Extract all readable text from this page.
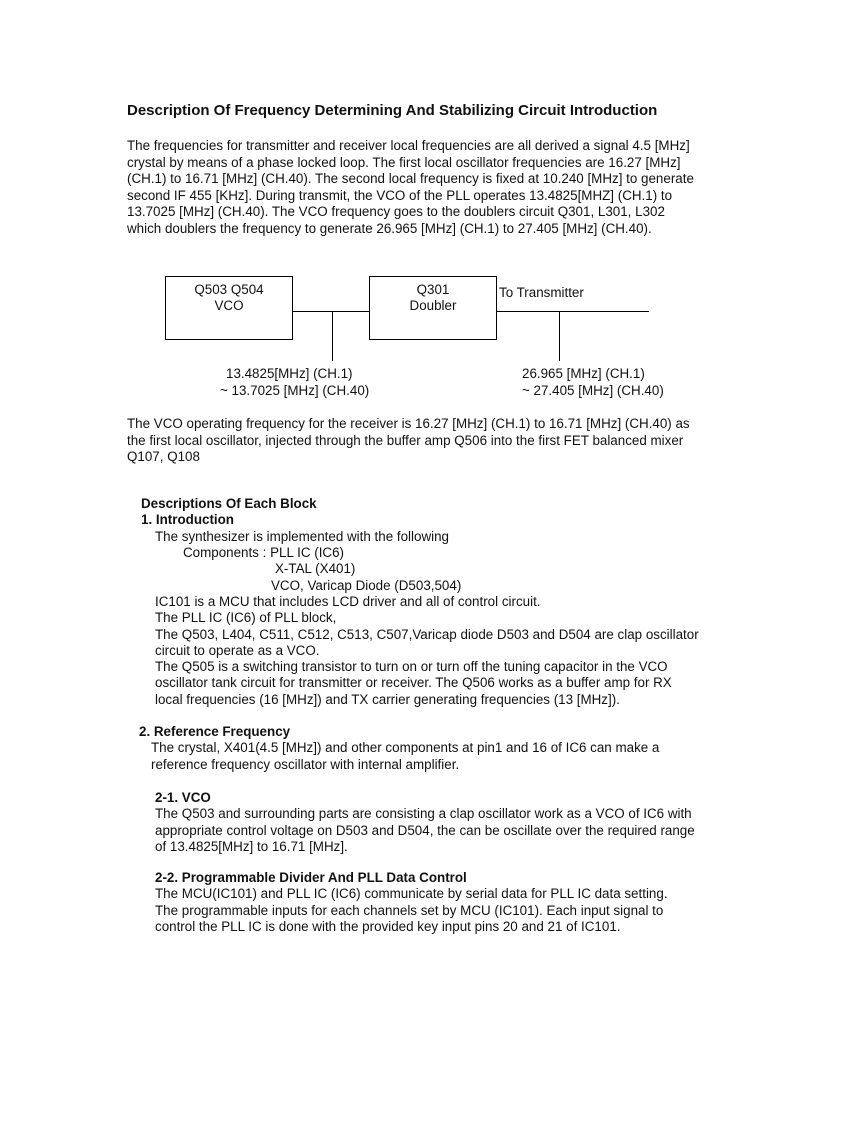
Description Of Frequency Determining And Stabilizing Circuit Introduction
The frequencies for transmitter and receiver local frequencies are all derived a signal 4.5 [MHz]
crystal by means of a phase locked loop. The first local oscillator frequencies are 16.27 [MHz]
(CH.1) to 16.71 [MHz] (CH.40). The second local frequency is fixed at 10.240 [MHz] to generate
second IF 455 [KHz]. During transmit, the VCO of the PLL operates 13.4825[MHZ] (CH.1) to
13.7025 [MHz] (CH.40). The VCO frequency goes to the doublers circuit Q301, L301, L302
which doublers the frequency to generate 26.965 [MHz] (CH.1) to 27.405 [MHz] (CH.40).
Q503 Q504
VCO
Q301
Doubler
To Transmitter
13.4825[MHz] (CH.1)
~ 13.7025 [MHz] (CH.40)
26.965 [MHz] (CH.1)
~ 27.405 [MHz] (CH.40)
The VCO operating frequency for the receiver is 16.27 [MHz] (CH.1) to 16.71 [MHz] (CH.40) as
the first local oscillator, injected through the buffer amp Q506 into the first FET balanced mixer
Q107, Q108
Descriptions Of Each Block
1. Introduction
The synthesizer is implemented with the following
Components : PLL IC (IC6)
X-TAL (X401)
VCO, Varicap Diode (D503,504)
IC101 is a MCU that includes LCD driver and all of control circuit.
The PLL IC (IC6) of PLL block,
The Q503, L404, C511, C512, C513, C507,Varicap diode D503 and D504 are clap oscillator
circuit to operate as a VCO.
The Q505 is a switching transistor to turn on or turn off the tuning capacitor in the VCO
oscillator tank circuit for transmitter or receiver. The Q506 works as a buffer amp for RX
local frequencies (16 [MHz]) and TX carrier generating frequencies (13 [MHz]).
2. Reference Frequency
The crystal, X401(4.5 [MHz]) and other components at pin1 and 16 of IC6 can make a
reference frequency oscillator with internal amplifier.
2-1. VCO
The Q503 and surrounding parts are consisting a clap oscillator work as a VCO of IC6 with
appropriate control voltage on D503 and D504, the can be oscillate over the required range
of 13.4825[MHz] to 16.71 [MHz].
2-2. Programmable Divider And PLL Data Control
The MCU(IC101) and PLL IC (IC6) communicate by serial data for PLL IC data setting.
The programmable inputs for each channels set by MCU (IC101). Each input signal to
control the PLL IC is done with the provided key input pins 20 and 21 of IC101.
